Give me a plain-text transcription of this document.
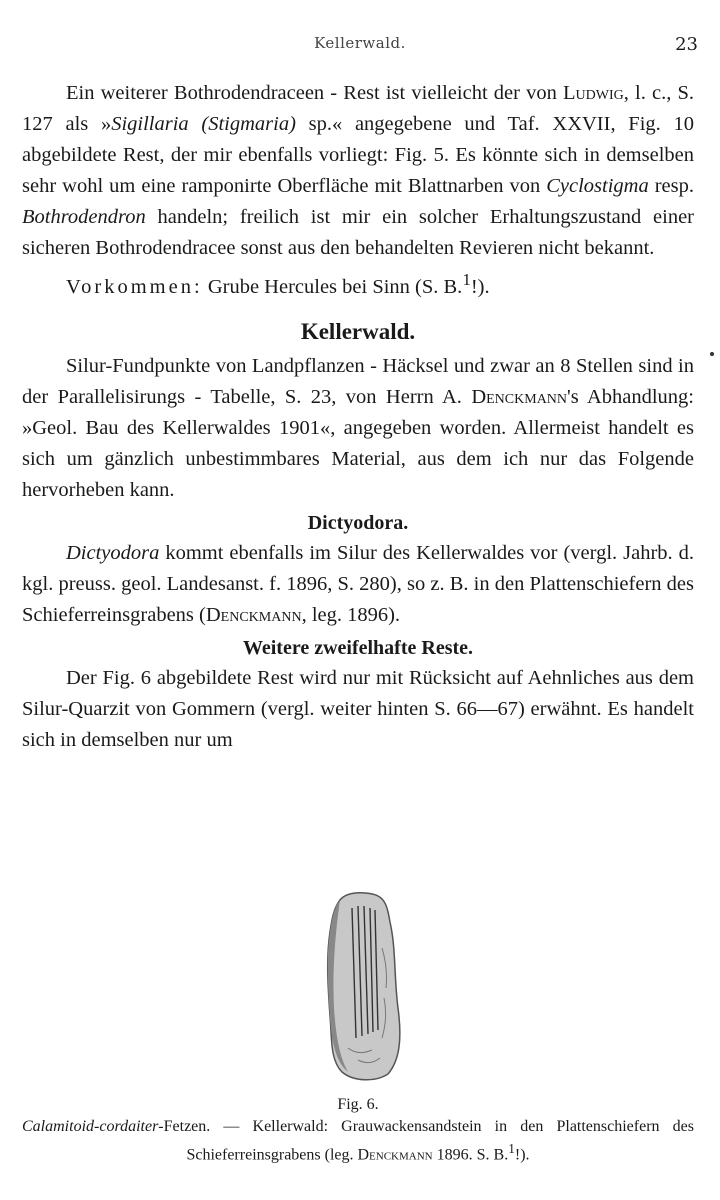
Kellerwald.	23

Ein weiterer Bothrodendraceen - Rest ist vielleicht der von Ludwig, l. c., S. 127 als »Sigillaria (Stigmaria) sp.« angegebene und Taf. XXVII, Fig. 10 abgebildete Rest, der mir ebenfalls vorliegt: Fig. 5. Es könnte sich in demselben sehr wohl um eine ramponirte Oberfläche mit Blattnarben von Cyclostigma resp. Bothrodendron handeln; freilich ist mir ein solcher Erhaltungszustand einer sicheren Bothrodendracee sonst aus den behandelten Revieren nicht bekannt.

Vorkommen: Grube Hercules bei Sinn (S. B.$^1$!).

Kellerwald.

Silur-Fundpunkte von Landpflanzen - Häcksel und zwar an 8 Stellen sind in der Parallelisirungs - Tabelle, S. 23, von Herrn A. Denckmann's Abhandlung: »Geol. Bau des Kellerwaldes 1901«, angegeben worden. Allermeist handelt es sich um gänzlich unbestimmbares Material, aus dem ich nur das Folgende hervorheben kann.

Dictyodora.

Dictyodora kommt ebenfalls im Silur des Kellerwaldes vor (vergl. Jahrb. d. kgl. preuss. geol. Landesanst. f. 1896, S. 280), so z. B. in den Plattenschiefern des Schieferreinsgrabens (Denckmann, leg. 1896).

Weitere zweifelhafte Reste.

Der Fig. 6 abgebildete Rest wird nur mit Rücksicht auf Aehnliches aus dem Silur-Quarzit von Gommern (vergl. weiter hinten S. 66—67) erwähnt. Es handelt sich in demselben nur um

Fig. 6.
Calamitoid-cordaiter-Fetzen. — Kellerwald: Grauwackensandstein in den Plattenschiefern des Schieferreinsgrabens (leg. Denckmann 1896. S. B.$^1$!).
